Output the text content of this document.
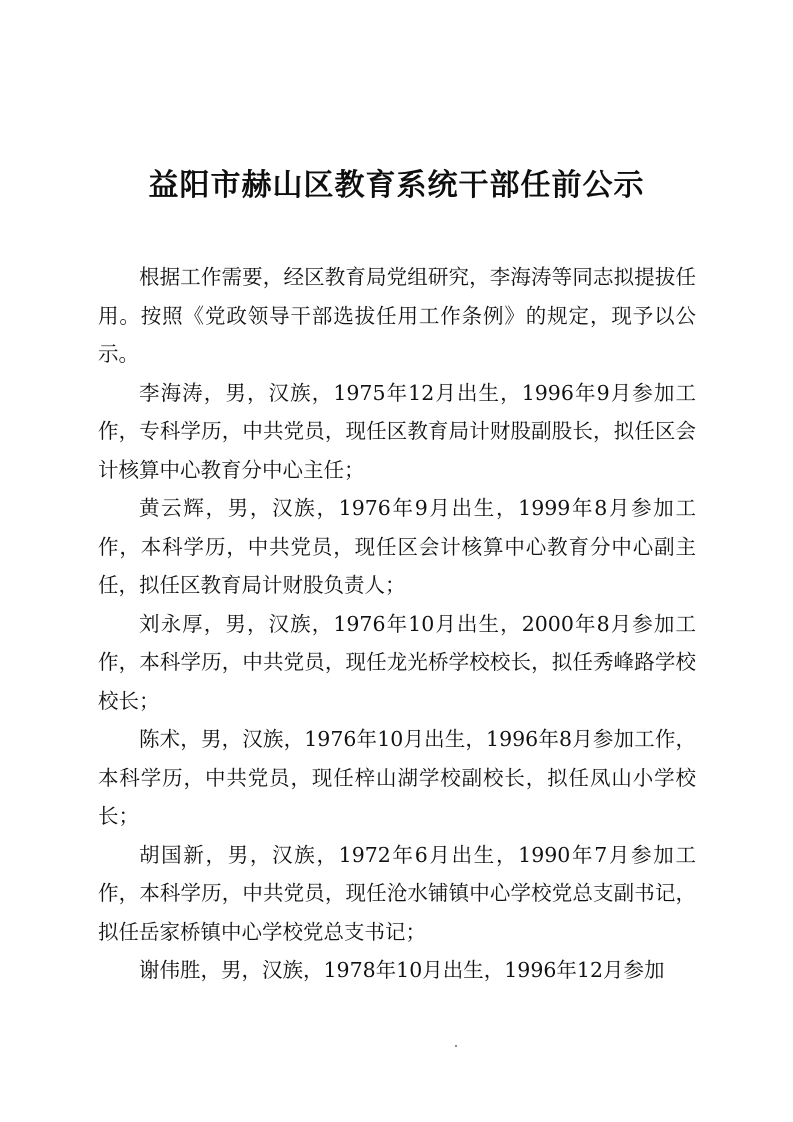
益阳市赫山区教育系统干部任前公示

根据工作需要，经区教育局党组研究，李海涛等同志拟提拔任用。按照《党政领导干部选拔任用工作条例》的规定，现予以公示。

李海涛，男，汉族，1975年12月出生，1996年9月参加工作，专科学历，中共党员，现任区教育局计财股副股长，拟任区会计核算中心教育分中心主任；

黄云辉，男，汉族，1976年9月出生，1999年8月参加工作，本科学历，中共党员，现任区会计核算中心教育分中心副主任，拟任区教育局计财股负责人；

刘永厚，男，汉族，1976年10月出生，2000年8月参加工作，本科学历，中共党员，现任龙光桥学校校长，拟任秀峰路学校校长；

陈术，男，汉族，1976年10月出生，1996年8月参加工作，本科学历，中共党员，现任梓山湖学校副校长，拟任凤山小学校长；

胡国新，男，汉族，1972年6月出生，1990年7月参加工作，本科学历，中共党员，现任沧水铺镇中心学校党总支副书记，拟任岳家桥镇中心学校党总支书记；

谢伟胜，男，汉族，1978年10月出生，1996年12月参加
